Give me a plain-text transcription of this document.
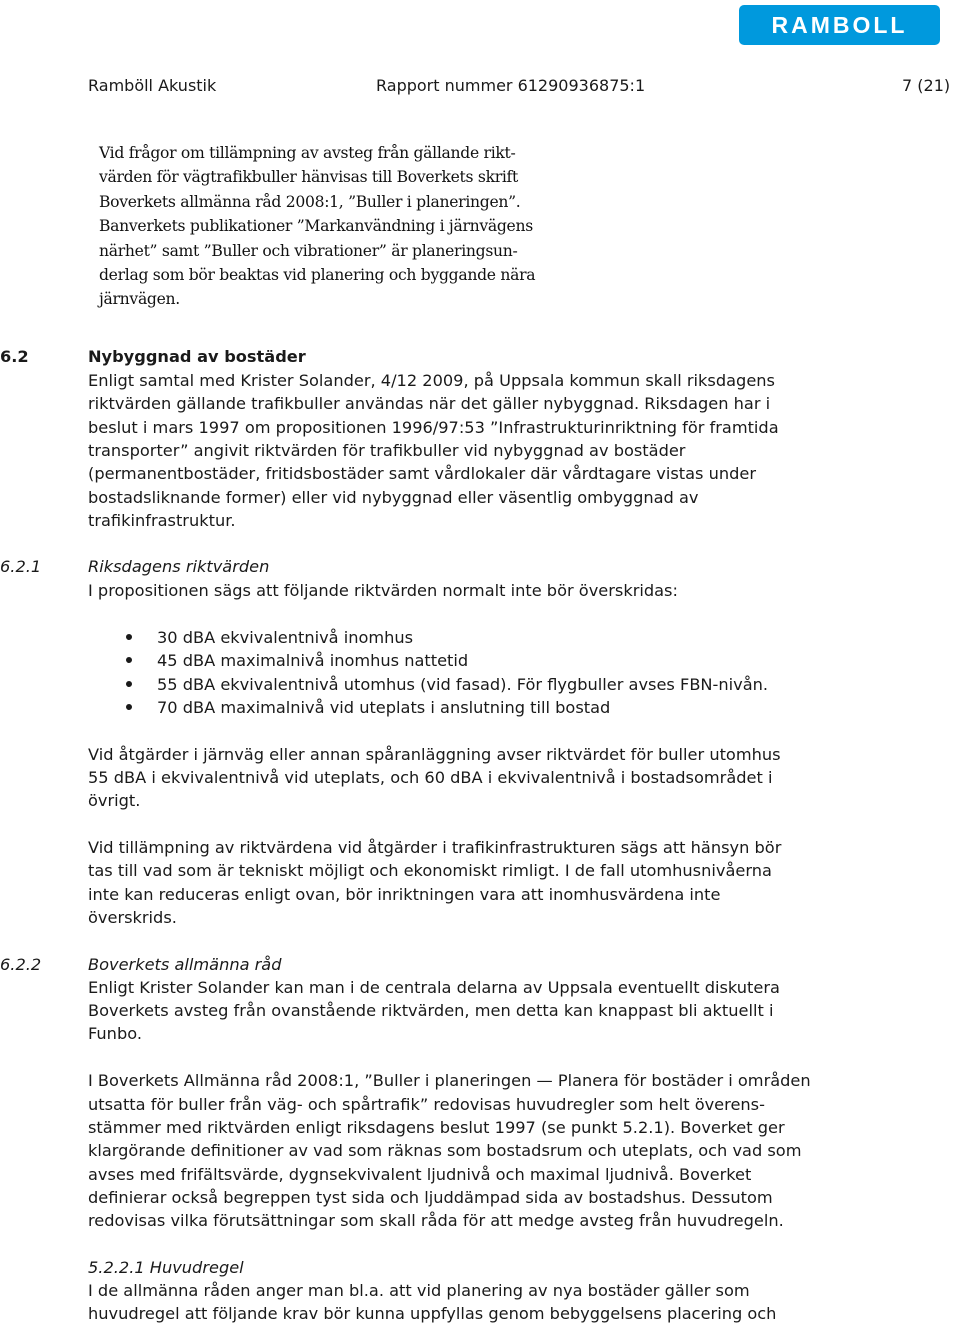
RAMBOLL
Ramböll Akustik	Rapport nummer 61290936875:1	7 (21)
Vid frågor om tillämpning av avsteg från gällande rikt-
värden för vägtrafikbuller hänvisas till Boverkets skrift
Boverkets allmänna råd 2008:1, ”Buller i planeringen”.
Banverkets publikationer ”Markanvändning i järnvägens
närhet” samt ”Buller och vibrationer” är planeringsun-
derlag som bör beaktas vid planering och byggande nära
järnvägen.
6.2	Nybyggnad av bostäder
Enligt samtal med Krister Solander, 4/12 2009, på Uppsala kommun skall riksdagens
riktvärden gällande trafikbuller användas när det gäller nybyggnad. Riksdagen har i
beslut i mars 1997 om propositionen 1996/97:53 ”Infrastrukturinriktning för framtida
transporter” angivit riktvärden för trafikbuller vid nybyggnad av bostäder
(permanentbostäder, fritidsbostäder samt vårdlokaler där vårdtagare vistas under
bostadsliknande former) eller vid nybyggnad eller väsentlig ombyggnad av
trafikinfrastruktur.
6.2.1	Riksdagens riktvärden
I propositionen sägs att följande riktvärden normalt inte bör överskridas:
30 dBA ekvivalentnivå inomhus
45 dBA maximalnivå inomhus nattetid
55 dBA ekvivalentnivå utomhus (vid fasad). För flygbuller avses FBN-nivån.
70 dBA maximalnivå vid uteplats i anslutning till bostad
Vid åtgärder i järnväg eller annan spåranläggning avser riktvärdet för buller utomhus
55 dBA i ekvivalentnivå vid uteplats, och 60 dBA i ekvivalentnivå i bostadsområdet i
övrigt.
Vid tillämpning av riktvärdena vid åtgärder i trafikinfrastrukturen sägs att hänsyn bör
tas till vad som är tekniskt möjligt och ekonomiskt rimligt. I de fall utomhusnivåerna
inte kan reduceras enligt ovan, bör inriktningen vara att inomhusvärdena inte
överskrids.
6.2.2	Boverkets allmänna råd
Enligt Krister Solander kan man i de centrala delarna av Uppsala eventuellt diskutera
Boverkets avsteg från ovanstående riktvärden, men detta kan knappast bli aktuellt i
Funbo.
I Boverkets Allmänna råd 2008:1, ”Buller i planeringen — Planera för bostäder i områden
utsatta för buller från väg- och spårtrafik” redovisas huvudregler som helt överens-
stämmer med riktvärden enligt riksdagens beslut 1997 (se punkt 5.2.1). Boverket ger
klargörande definitioner av vad som räknas som bostadsrum och uteplats, och vad som
avses med frifältsvärde, dygnsekvivalent ljudnivå och maximal ljudnivå. Boverket
definierar också begreppen tyst sida och ljuddämpad sida av bostadshus. Dessutom
redovisas vilka förutsättningar som skall råda för att medge avsteg från huvudregeln.
5.2.2.1 Huvudregel
I de allmänna råden anger man bl.a. att vid planering av nya bostäder gäller som
huvudregel att följande krav bör kunna uppfyllas genom bebyggelsens placering och
